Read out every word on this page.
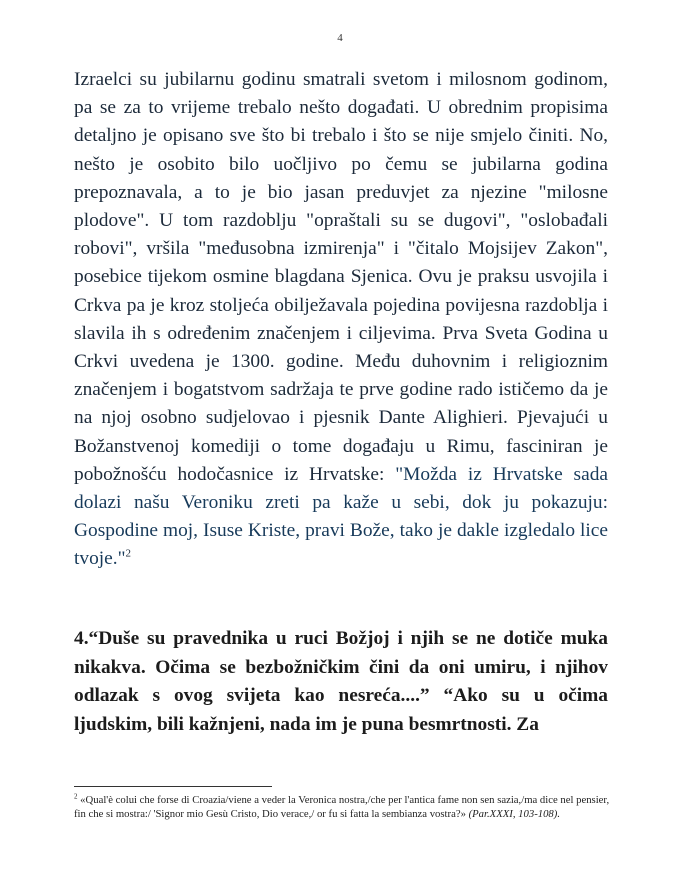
4

Izraelci su jubilarnu godinu smatrali svetom i milosnom godinom, pa se za to vrijeme trebalo nešto događati. U obrednim propisima detaljno je opisano sve što bi trebalo i što se nije smjelo činiti. No, nešto je osobito bilo uočljivo po čemu se jubilarna godina prepoznavala, a to je bio jasan preduvjet za njezine "milosne plodove". U tom razdoblju "opraštali su se dugovi", "oslobađali robovi", vršila "međusobna izmirenja" i "čitalo Mojsijev Zakon", posebice tijekom osmine blagdana Sjenica. Ovu je praksu usvojila i Crkva pa je kroz stoljeća obilježavala pojedina povijesna razdoblja i slavila ih s određenim značenjem i ciljevima. Prva Sveta Godina u Crkvi uvedena je 1300. godine. Među duhovnim i religioznim značenjem i bogatstvom sadržaja te prve godine rado ističemo da je na njoj osobno sudjelovao i pjesnik Dante Alighieri. Pjevajući u Božanstvenoj komediji o tome događaju u Rimu, fasciniran je pobožnošću hodočasnice iz Hrvatske: "Možda iz Hrvatske sada dolazi našu Veroniku zreti pa kaže u sebi, dok ju pokazuju: Gospodine moj, Isuse Kriste, pravi Bože, tako je dakle izgledalo lice tvoje."$^2$

4.“Duše su pravednika u ruci Božjoj i njih se ne dotiče muka nikakva. Očima se bezbožničkim čini da oni umiru, i njihov odlazak s ovog svijeta kao nesreća....” “Ako su u očima ljudskim, bili kažnjeni, nada im je puna besmrtnosti. Za

$^2$ «Qual'è colui che forse di Croazia/viene a veder la Veronica nostra,/che per l'antica fame non sen sazia,/ma dice nel pensier, fin che si mostra:/ 'Signor mio Gesù Cristo, Dio verace,/ or fu si fatta la sembianza vostra?» (Par.XXXI, 103-108).
